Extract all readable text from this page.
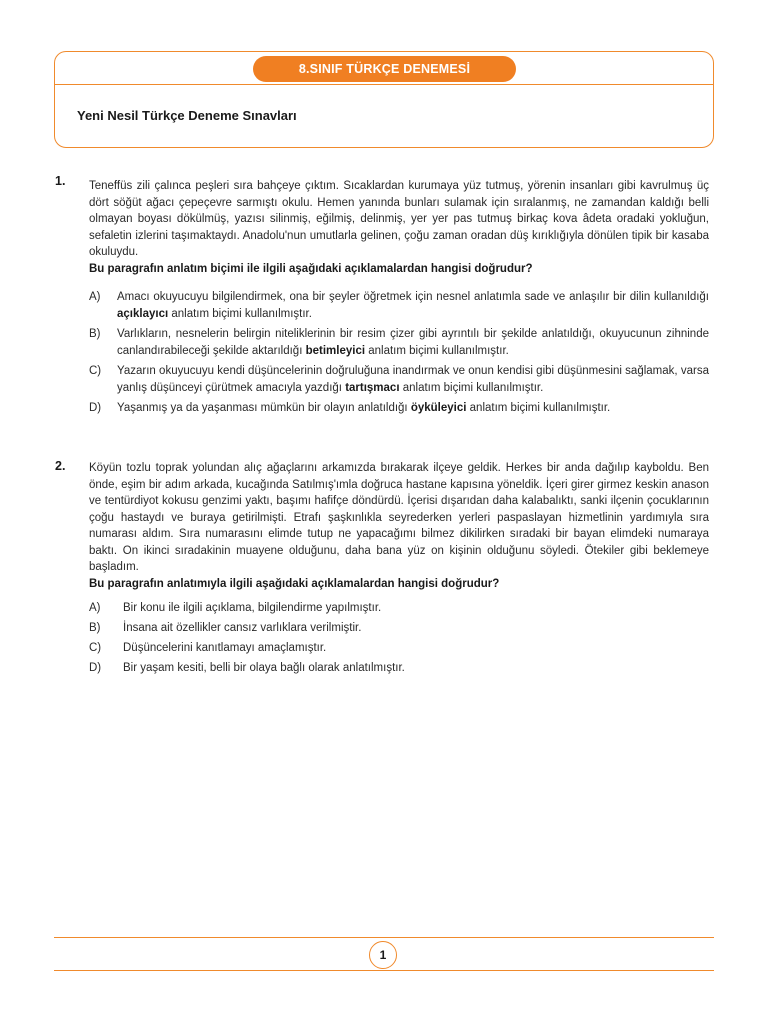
8.SINIF TÜRKÇE DENEMESİ
Yeni Nesil Türkçe Deneme Sınavları
1. Teneffüs zili çalınca peşleri sıra bahçeye çıktım. Sıcaklardan kurumaya yüz tutmuş, yörenin insanları gibi kavrulmuş üç dört söğüt ağacı çepeçevre sarmıştı okulu. Hemen yanında bunları sulamak için sıralanmış, ne zamandan kaldığı belli olmayan boyası dökülmüş, yazısı silinmiş, eğilmiş, delinmiş, yer yer pas tutmuş birkaç kova âdeta oradaki yokluğun, sefaletin izlerini taşımaktaydı. Anadolu'nun umutlarla gelinen, çoğu zaman oradan düş kırıklığıyla dönülen tipik bir kasaba okuluydu.

Bu paragrafın anlatım biçimi ile ilgili aşağıdaki açıklamalardan hangisi doğrudur?

A)	Amacı okuyucuyu bilgilendirmek, ona bir şeyler öğretmek için nesnel anlatımla sade ve anlaşılır bir dilin kullanıldığı açıklayıcı anlatım biçimi kullanılmıştır.
B)	Varlıkların, nesnelerin belirgin niteliklerinin bir resim çizer gibi ayrıntılı bir şekilde anlatıldığı, okuyucunun zihninde canlandırabileceği şekilde aktarıldığı betimleyici anlatım biçimi kullanılmıştır.
C)	Yazarın okuyucuyu kendi düşüncelerinin doğruluğuna inandırmak ve onun kendisi gibi düşünmesini sağlamak, varsa yanlış düşünceyi çürütmek amacıyla yazdığı tartışmacı anlatım biçimi kullanılmıştır.
D)	Yaşanmış ya da yaşanması mümkün bir olayın anlatıldığı öyküleyici anlatım biçimi kullanılmıştır.
2. Köyün tozlu toprak yolundan alıç ağaçlarını arkamızda bırakarak ilçeye geldik. Herkes bir anda dağılıp kayboldu. Ben önde, eşim bir adım arkada, kucağında Satılmış'ımla doğruca hastane kapısına yöneldik. İçeri girer girmez keskin anason ve tentürdiyot kokusu genzimi yaktı, başımı hafifçe döndürdü. İçerisi dışarıdan daha kalabalıktı, sanki ilçenin çocuklarının çoğu hastaydı ve buraya getirilmişti. Etrafı şaşkınlıkla seyrederken yerleri paspaslayan hizmetlinin yardımıyla sıra numarası aldım. Sıra numarasını elimde tutup ne yapacağımı bilmez dikilirken sıradaki bir bayan elimdeki numaraya baktı. On ikinci sıradakinin muayene olduğunu, daha bana yüz on kişinin olduğunu söyledi. Ötekiler gibi beklemeye başladım.

Bu paragrafın anlatımıyla ilgili aşağıdaki açıklamalardan hangisi doğrudur?

A)	Bir konu ile ilgili açıklama, bilgilendirme yapılmıştır.
B)	İnsana ait özellikler cansız varlıklara verilmiştir.
C)	Düşüncelerini kanıtlamayı amaçlamıştır.
D)	Bir yaşam kesiti, belli bir olaya bağlı olarak anlatılmıştır.
1
